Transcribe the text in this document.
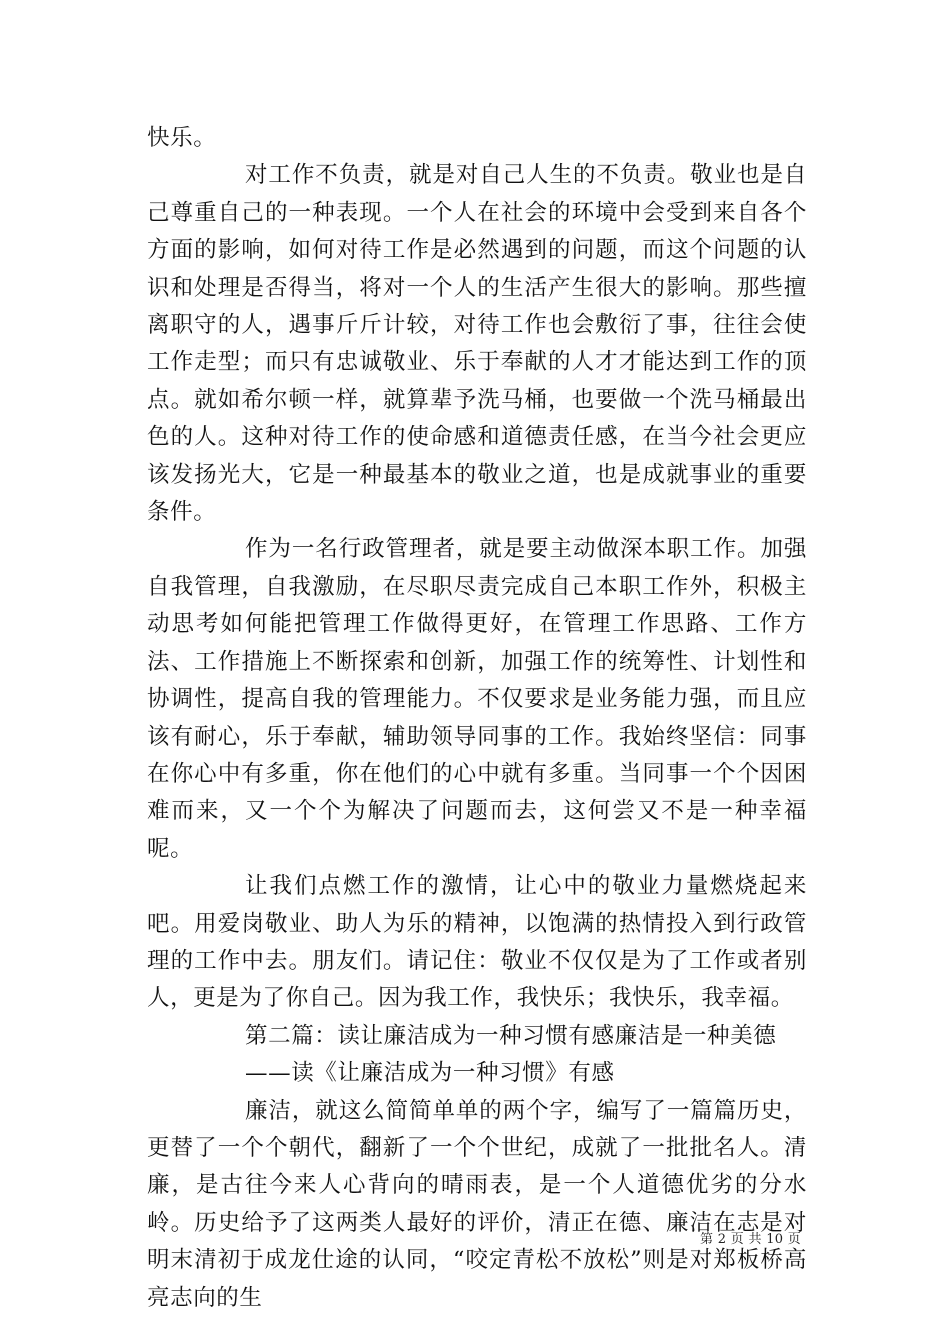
快乐。

对工作不负责，就是对自己人生的不负责。敬业也是自己尊重自己的一种表现。一个人在社会的环境中会受到来自各个方面的影响，如何对待工作是必然遇到的问题，而这个问题的认识和处理是否得当，将对一个人的生活产生很大的影响。那些擅离职守的人，遇事斤斤计较，对待工作也会敷衍了事，往往会使工作走型；而只有忠诚敬业、乐于奉献的人才才能达到工作的顶点。就如希尔顿一样，就算辈予洗马桶，也要做一个洗马桶最出色的人。这种对待工作的使命感和道德责任感，在当今社会更应该发扬光大，它是一种最基本的敬业之道，也是成就事业的重要条件。

作为一名行政管理者，就是要主动做深本职工作。加强自我管理，自我激励，在尽职尽责完成自己本职工作外，积极主动思考如何能把管理工作做得更好，在管理工作思路、工作方法、工作措施上不断探索和创新，加强工作的统筹性、计划性和协调性，提高自我的管理能力。不仅要求是业务能力强，而且应该有耐心，乐于奉献，辅助领导同事的工作。我始终坚信：同事在你心中有多重，你在他们的心中就有多重。当同事一个个因困难而来，又一个个为解决了问题而去，这何尝又不是一种幸福呢。

让我们点燃工作的激情，让心中的敬业力量燃烧起来吧。用爱岗敬业、助人为乐的精神，以饱满的热情投入到行政管理的工作中去。朋友们。请记住：敬业不仅仅是为了工作或者别人，更是为了你自己。因为我工作，我快乐；我快乐，我幸福。

第二篇：读让廉洁成为一种习惯有感廉洁是一种美德

——读《让廉洁成为一种习惯》有感

廉洁，就这么简简单单的两个字，编写了一篇篇历史，更替了一个个朝代，翻新了一个个世纪，成就了一批批名人。清廉，是古往今来人心背向的晴雨表，是一个人道德优劣的分水岭。历史给予了这两类人最好的评价，清正在德、廉洁在志是对明末清初于成龙仕途的认同，“咬定青松不放松”则是对郑板桥高亮志向的生

第 2 页 共 10 页
